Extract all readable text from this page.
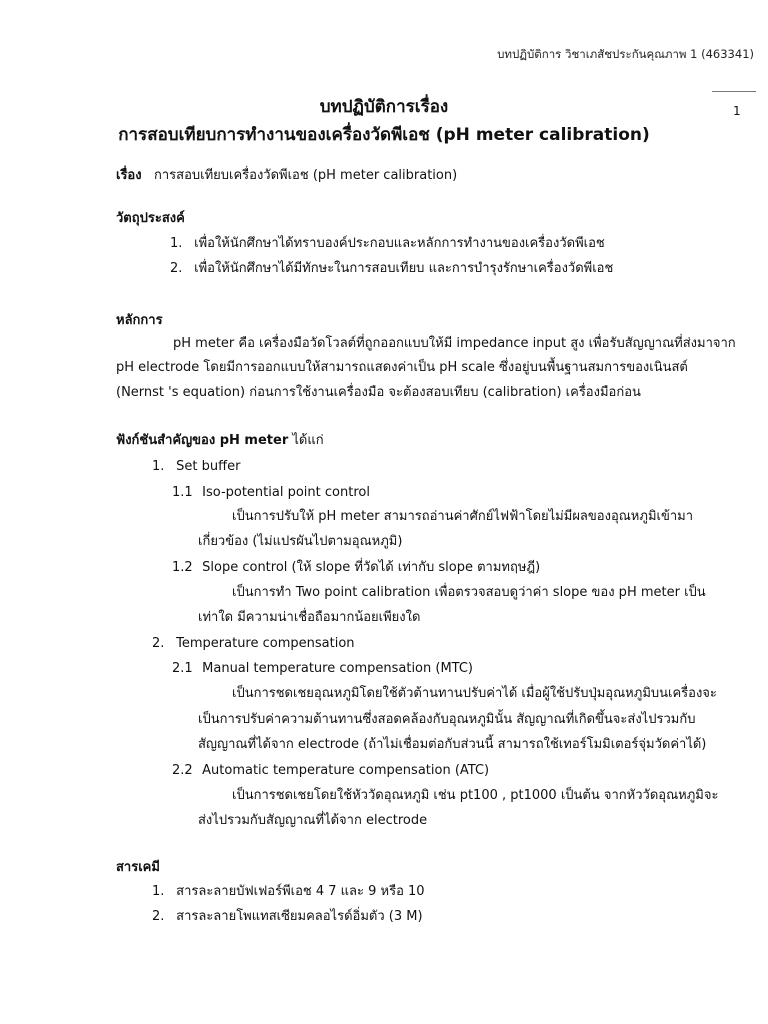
บทปฏิบัติการ วิชาเภสัชประกันคุณภาพ 1 (463341)
1
บทปฏิบัติการเรื่อง
การสอบเทียบการทำงานของเครื่องวัดพีเอช (pH meter calibration)
เรื่อง การสอบเทียบเครื่องวัดพีเอช (pH meter calibration)
วัตถุประสงค์
1. เพื่อให้นักศึกษาได้ทราบองค์ประกอบและหลักการทำงานของเครื่องวัดพีเอช
2. เพื่อให้นักศึกษาได้มีทักษะในการสอบเทียบ และการบำรุงรักษาเครื่องวัดพีเอช
หลักการ
pH meter คือ เครื่องมือวัดโวลต์ที่ถูกออกแบบให้มี impedance input สูง เพื่อรับสัญญาณที่ส่งมาจาก
pH electrode โดยมีการออกแบบให้สามารถแสดงค่าเป็น pH scale ซึ่งอยู่บนพื้นฐานสมการของเนินสต์
(Nernst 's equation) ก่อนการใช้งานเครื่องมือ จะต้องสอบเทียบ (calibration) เครื่องมือก่อน
ฟังก์ชันสำคัญของ pH meter ได้แก่
1. Set buffer
1.1 Iso-potential point control
เป็นการปรับให้ pH meter สามารถอ่านค่าศักย์ไฟฟ้าโดยไม่มีผลของอุณหภูมิเข้ามา
เกี่ยวข้อง (ไม่แปรผันไปตามอุณหภูมิ)
1.2 Slope control (ให้ slope ที่วัดได้ เท่ากับ slope ตามทฤษฎี)
เป็นการทำ Two point calibration เพื่อตรวจสอบดูว่าค่า slope ของ pH meter เป็น
เท่าใด มีความน่าเชื่อถือมากน้อยเพียงใด
2. Temperature compensation
2.1 Manual temperature compensation (MTC)
เป็นการชดเชยอุณหภูมิโดยใช้ตัวต้านทานปรับค่าได้ เมื่อผู้ใช้ปรับปุ่มอุณหภูมิบนเครื่องจะ
เป็นการปรับค่าความต้านทานซึ่งสอดคล้องกับอุณหภูมินั้น สัญญาณที่เกิดขึ้นจะส่งไปรวมกับ
สัญญาณที่ได้จาก electrode (ถ้าไม่เชื่อมต่อกับส่วนนี้ สามารถใช้เทอร์โมมิเตอร์จุ่มวัดค่าได้)
2.2 Automatic temperature compensation (ATC)
เป็นการชดเชยโดยใช้หัววัดอุณหภูมิ เช่น pt100 , pt1000 เป็นต้น จากหัววัดอุณหภูมิจะ
ส่งไปรวมกับสัญญาณที่ได้จาก electrode
สารเคมี
1. สารละลายบัฟเฟอร์พีเอช 4 7 และ 9 หรือ 10
2. สารละลายโพแทสเซียมคลอไรด์อิ่มตัว (3 M)
